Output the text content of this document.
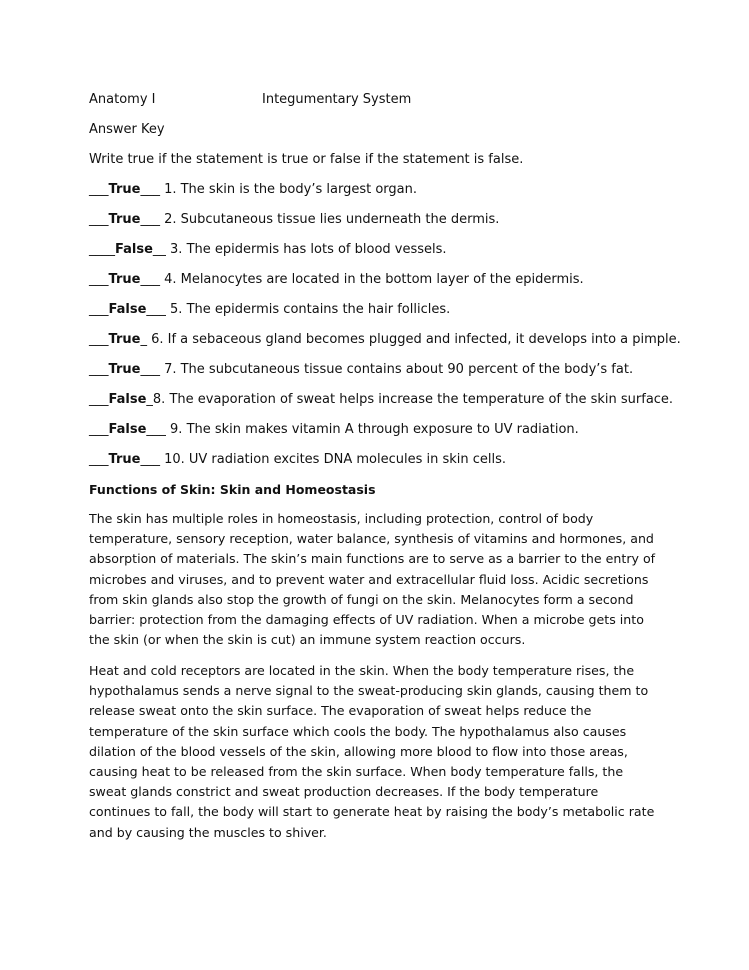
Anatomy I	Integumentary System

Answer Key

Write true if the statement is true or false if the statement is false.

___True___ 1. The skin is the body’s largest organ.

___True___ 2. Subcutaneous tissue lies underneath the dermis.

____False__ 3. The epidermis has lots of blood vessels.

___True___ 4. Melanocytes are located in the bottom layer of the epidermis.

___False___ 5. The epidermis contains the hair follicles.

___True_ 6. If a sebaceous gland becomes plugged and infected, it develops into a pimple.

___True___ 7. The subcutaneous tissue contains about 90 percent of the body’s fat.

___False_8. The evaporation of sweat helps increase the temperature of the skin surface.

___False___ 9. The skin makes vitamin A through exposure to UV radiation.

___True___ 10. UV radiation excites DNA molecules in skin cells.

Functions of Skin: Skin and Homeostasis

The skin has multiple roles in homeostasis, including protection, control of body
temperature, sensory reception, water balance, synthesis of vitamins and hormones, and
absorption of materials. The skin’s main functions are to serve as a barrier to the entry of
microbes and viruses, and to prevent water and extracellular fluid loss. Acidic secretions
from skin glands also stop the growth of fungi on the skin. Melanocytes form a second
barrier: protection from the damaging effects of UV radiation. When a microbe gets into
the skin (or when the skin is cut) an immune system reaction occurs.
Heat and cold receptors are located in the skin. When the body temperature rises, the
hypothalamus sends a nerve signal to the sweat-producing skin glands, causing them to
release sweat onto the skin surface. The evaporation of sweat helps reduce the
temperature of the skin surface which cools the body. The hypothalamus also causes
dilation of the blood vessels of the skin, allowing more blood to flow into those areas,
causing heat to be released from the skin surface. When body temperature falls, the
sweat glands constrict and sweat production decreases. If the body temperature
continues to fall, the body will start to generate heat by raising the body’s metabolic rate
and by causing the muscles to shiver.
